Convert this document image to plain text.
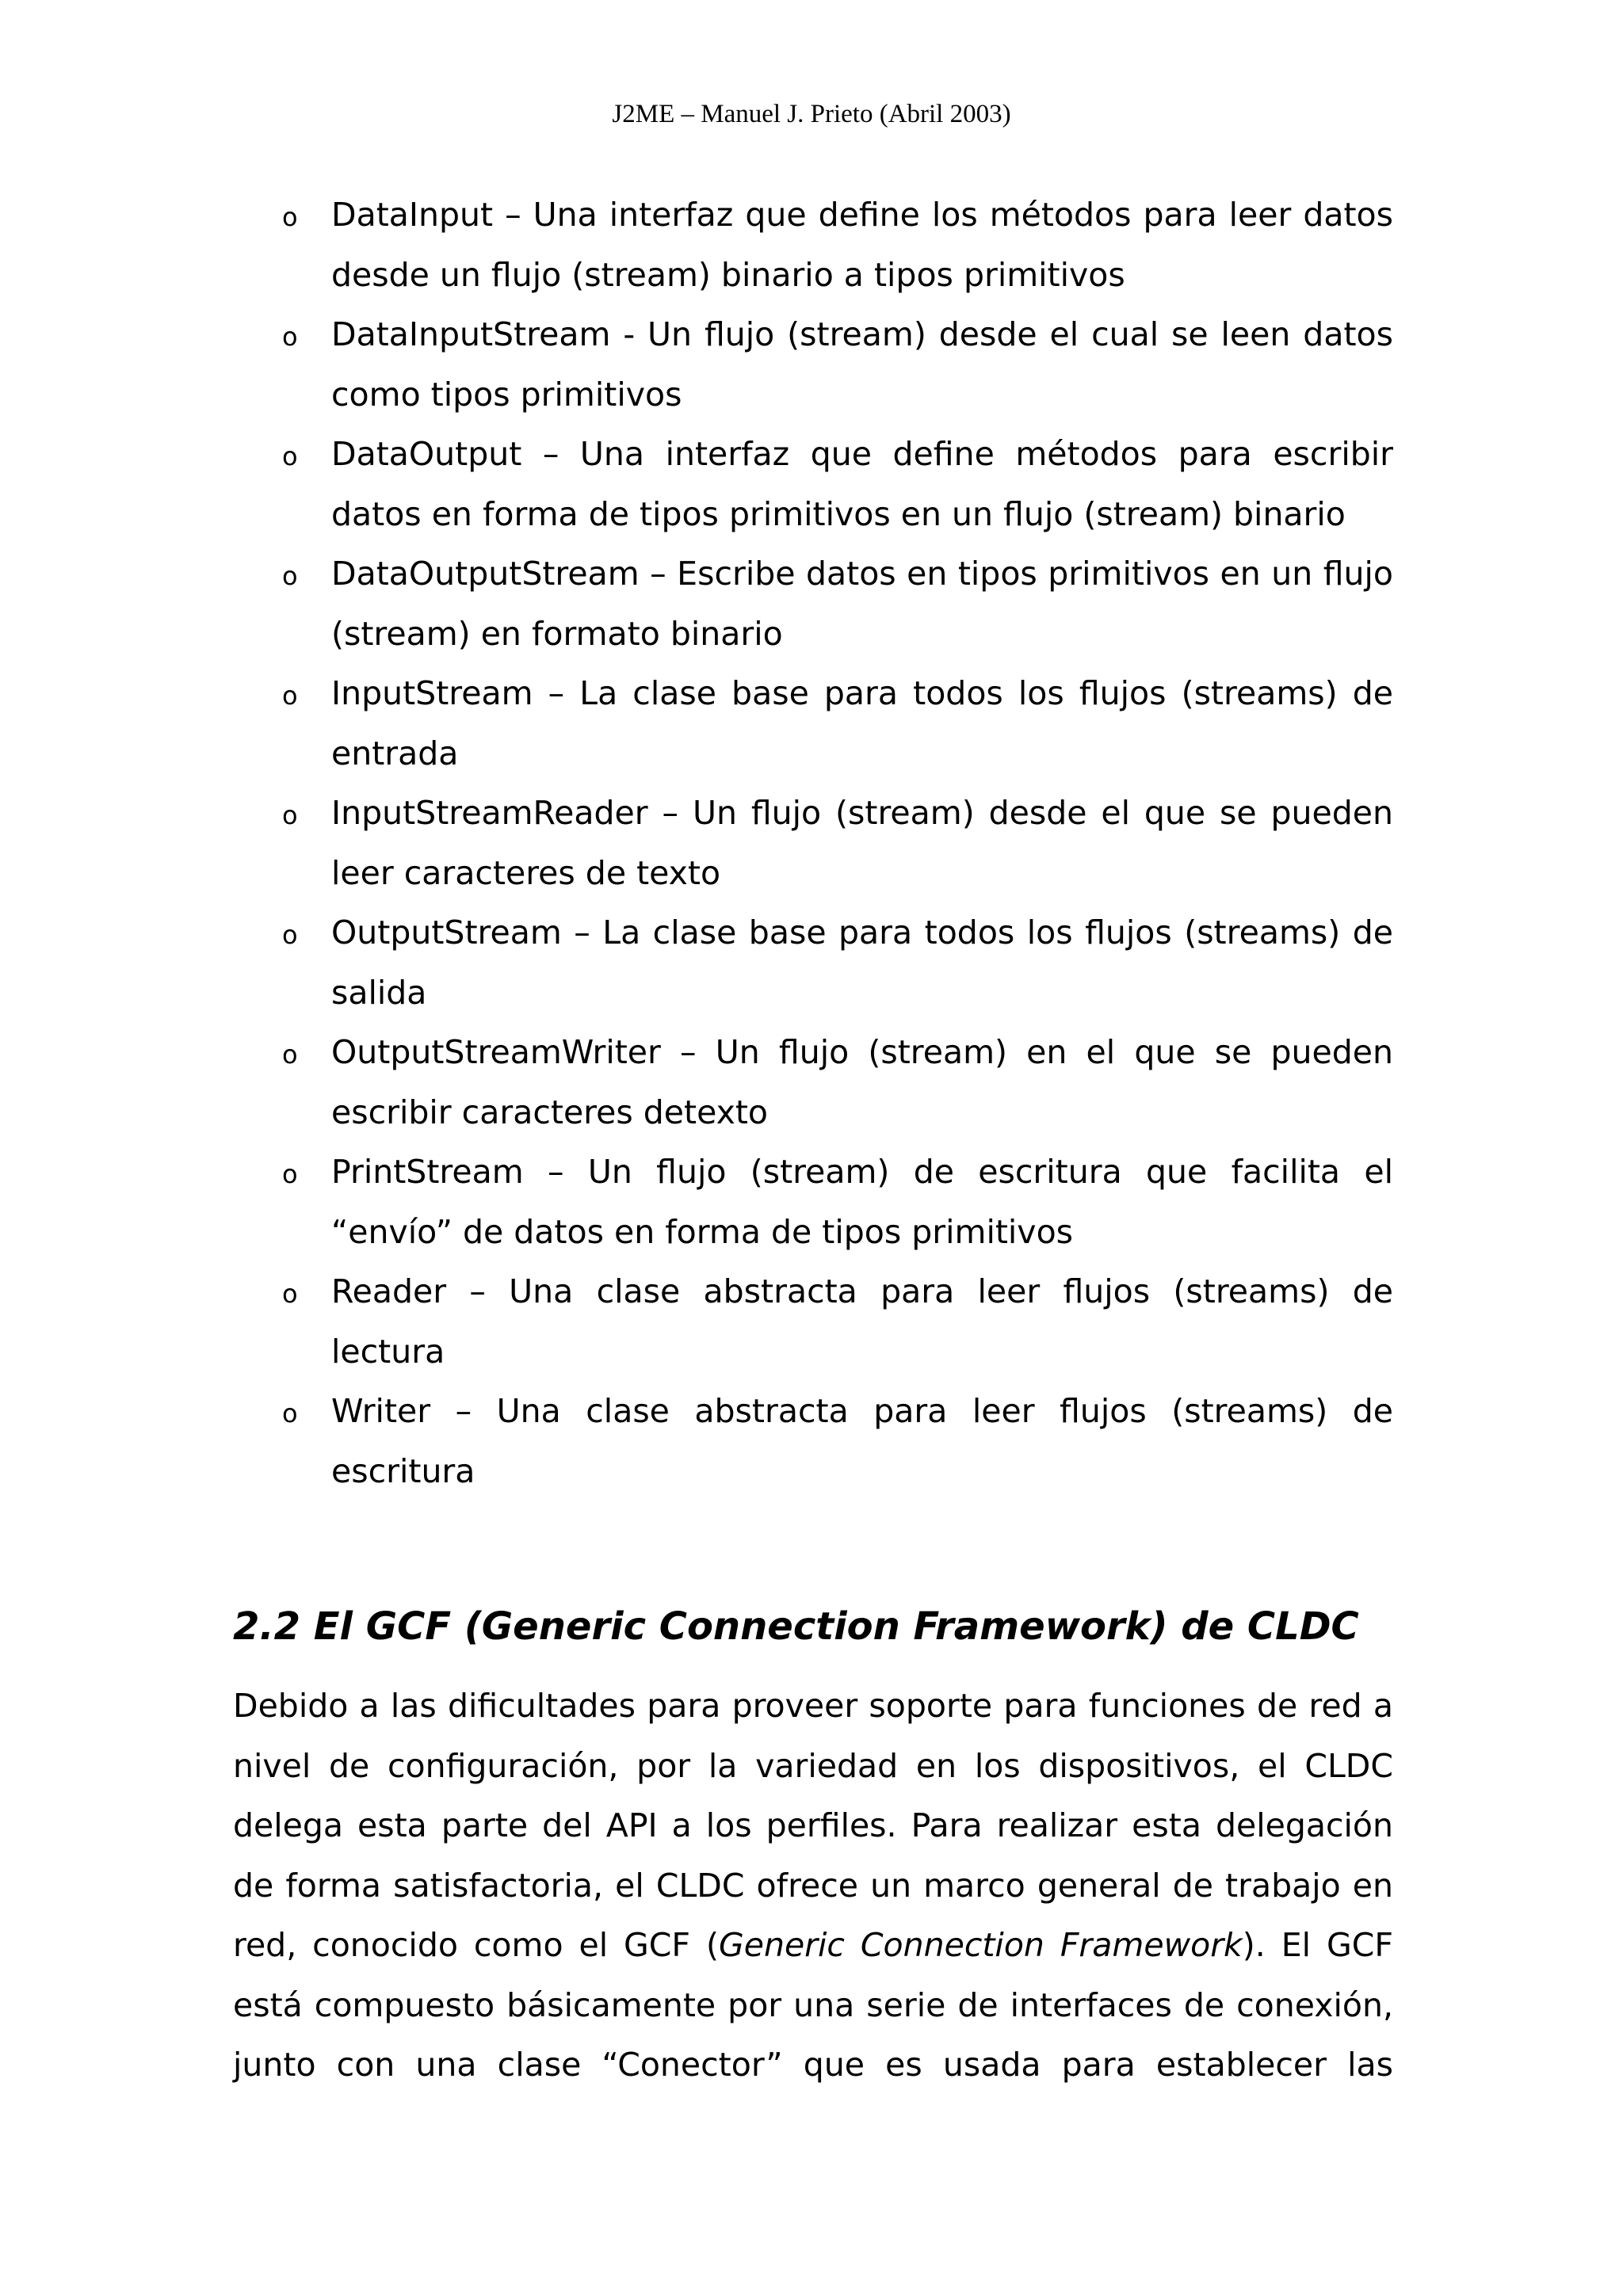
J2ME – Manuel J. Prieto (Abril 2003)

o DataInput – Una interfaz que define los métodos para leer datos desde un flujo (stream) binario a tipos primitivos
o DataInputStream - Un flujo (stream) desde el cual se leen datos como tipos primitivos
o DataOutput – Una interfaz que define métodos para escribir datos en forma de tipos primitivos en un flujo (stream) binario
o DataOutputStream – Escribe datos en tipos primitivos en un flujo (stream) en formato binario
o InputStream – La clase base para todos los flujos (streams) de entrada
o InputStreamReader – Un flujo (stream) desde el que se pueden leer caracteres de texto
o OutputStream – La clase base para todos los flujos (streams) de salida
o OutputStreamWriter – Un flujo (stream) en el que se pueden escribir caracteres detexto
o PrintStream – Un flujo (stream) de escritura que facilita el “envío” de datos en forma de tipos primitivos
o Reader – Una clase abstracta para leer flujos (streams) de lectura
o Writer – Una clase abstracta para leer flujos (streams) de escritura
2.2 El GCF (Generic Connection Framework) de CLDC

Debido a las dificultades para proveer soporte para funciones de red a nivel de configuración, por la variedad en los dispositivos, el CLDC delega esta parte del API a los perfiles. Para realizar esta delegación de forma satisfactoria, el CLDC ofrece un marco general de trabajo en red, conocido como el GCF (Generic Connection Framework). El GCF está compuesto básicamente por una serie de interfaces de conexión, junto con una clase “Conector” que es usada para establecer las
